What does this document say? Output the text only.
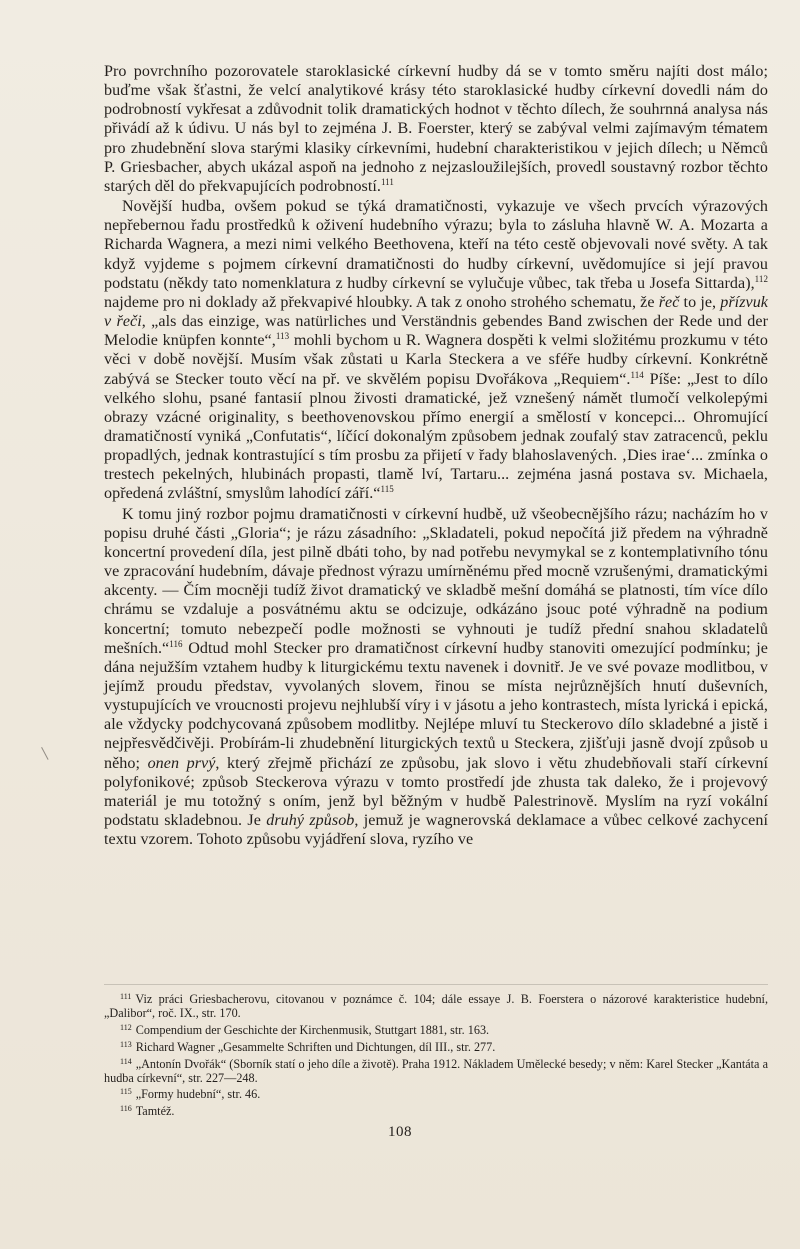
Pro povrchního pozorovatele staroklasické církevní hudby dá se v tomto směru najíti dost málo; buďme však šťastni, že velcí analytikové krásy této staroklasické hudby církevní dovedli nám do podrobností vykřesat a zdůvodnit tolik dramatických hodnot v těchto dílech, že souhrnná analysa nás přivádí až k údivu. U nás byl to zejména J. B. Foerster, který se zabýval velmi zajímavým tématem pro zhudebnění slova starými klasiky církevními, hudební charakteristikou v jejich dílech; u Němců P. Griesbacher, abych ukázal aspoň na jednoho z nejzasloužilejších, provedl soustavný rozbor těchto starých děl do překvapujících podrobností.$^{111}$

Novější hudba, ovšem pokud se týká dramatičnosti, vykazuje ve všech prvcích výrazových nepřebernou řadu prostředků k oživení hudebního výrazu; byla to zásluha hlavně W. A. Mozarta a Richarda Wagnera, a mezi nimi velkého Beethovena, kteří na této cestě objevovali nové světy. A tak když vyjdeme s pojmem církevní dramatičnosti do hudby církevní, uvědomujíce si její pravou podstatu (někdy tato nomenklatura z hudby církevní se vylučuje vůbec, tak třeba u Josefa Sittarda),$^{112}$ najdeme pro ni doklady až překvapivé hloubky. A tak z onoho strohého schematu, že řeč to je, přízvuk v řeči, „als das einzige, was natürliches und Verständnis gebendes Band zwischen der Rede und der Melodie knüpfen konnte“,$^{113}$ mohli bychom u R. Wagnera dospěti k velmi složitému prozkumu v této věci v době novější. Musím však zůstati u Karla Steckera a ve sféře hudby církevní. Konkrétně zabývá se Stecker touto věcí na př. ve skvělém popisu Dvořákova „Requiem“.$^{114}$ Píše: „Jest to dílo velkého slohu, psané fantasií plnou živosti dramatické, jež vznešený námět tlumočí velkolepými obrazy vzácné originality, s beethovenovskou přímo energií a smělostí v koncepci... Ohromující dramatičností vyniká „Confutatis“, líčící dokonalým způsobem jednak zoufalý stav zatracenců, peklu propadlých, jednak kontrastující s tím prosbu za přijetí v řady blahoslavených. ‚Dies irae‘... zmínka o trestech pekelných, hlubinách propasti, tlamě lví, Tartaru... zejména jasná postava sv. Michaela, opředená zvláštní, smyslům lahodící září.“$^{115}$

K tomu jiný rozbor pojmu dramatičnosti v církevní hudbě, už všeobecnějšího rázu; nacházím ho v popisu druhé části „Gloria“; je rázu zásadního: „Skladateli, pokud nepočítá již předem na výhradně koncertní provedení díla, jest pilně dbáti toho, by nad potřebu nevymykal se z kontemplativního tónu ve zpracování hudebním, dávaje přednost výrazu umírněnému před mocně vzrušenými, dramatickými akcenty. — Čím mocněji tudíž život dramatický ve skladbě mešní domáhá se platnosti, tím více dílo chrámu se vzdaluje a posvátnému aktu se odcizuje, odkázáno jsouc poté výhradně na podium koncertní; tomuto nebezpečí podle možnosti se vyhnouti je tudíž přední snahou skladatelů mešních.“$^{116}$ Odtud mohl Stecker pro dramatičnost církevní hudby stanoviti omezující podmínku; je dána nejužším vztahem hudby k liturgickému textu navenek i dovnitř. Je ve své povaze modlitbou, v jejímž proudu představ, vyvolaných slovem, řinou se místa nejrůznějších hnutí duševních, vystupujících ve vroucnosti projevu nejhlubší víry i v jásotu a jeho kontrastech, místa lyrická i epická, ale vždycky podchycovaná způsobem modlitby. Nejlépe mluví tu Steckerovo dílo skladebné a jistě i nejpřesvědčivěji. Probírám-li zhudebnění liturgických textů u Steckera, zjišťuji jasně dvojí způsob u něho; onen prvý, který zřejmě přichází ze způsobu, jak slovo i větu zhudebňovali staří církevní polyfonikové; způsob Steckerova výrazu v tomto prostředí jde zhusta tak daleko, že i projevový materiál je mu totožný s oním, jenž byl běžným v hudbě Palestrinově. Myslím na ryzí vokální podstatu skladebnou. Je druhý způsob, jemuž je wagnerovská deklamace a vůbec celkové zachycení textu vzorem. Tohoto způsobu vyjádření slova, ryzího ve

$^{111}$ Viz práci Griesbacherovu, citovanou v poznámce č. 104; dále essaye J. B. Foerstera o názorové karakteristice hudební, „Dalibor“, roč. IX., str. 170.

$^{112}$ Compendium der Geschichte der Kirchenmusik, Stuttgart 1881, str. 163.

$^{113}$ Richard Wagner „Gesammelte Schriften und Dichtungen, díl III., str. 277.

$^{114}$ „Antonín Dvořák“ (Sborník statí o jeho díle a životě). Praha 1912. Nákladem Umělecké besedy; v něm: Karel Stecker „Kantáta a hudba církevní“, str. 227—248.

$^{115}$ „Formy hudební“, str. 46.

$^{116}$ Tamtéž.

108
